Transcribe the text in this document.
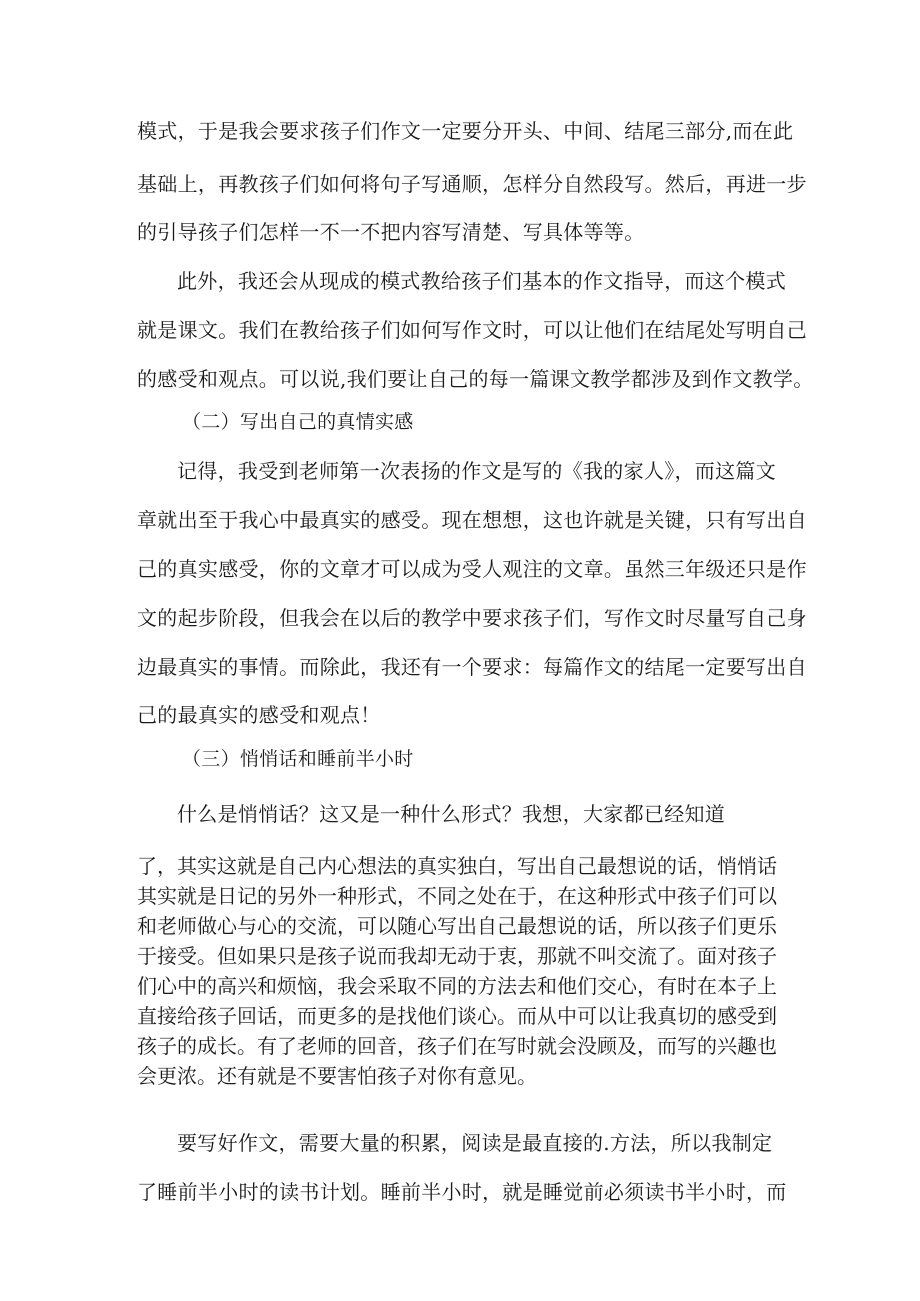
模式，于是我会要求孩子们作文一定要分开头、中间、结尾三部分,而在此
基础上，再教孩子们如何将句子写通顺，怎样分自然段写。然后，再进一步
的引导孩子们怎样一不一不把内容写清楚、写具体等等。
此外，我还会从现成的模式教给孩子们基本的作文指导，而这个模式
就是课文。我们在教给孩子们如何写作文时，可以让他们在结尾处写明自己
的感受和观点。可以说,我们要让自己的每一篇课文教学都涉及到作文教学。
（二）写出自己的真情实感
记得，我受到老师第一次表扬的作文是写的《我的家人》，而这篇文
章就出至于我心中最真实的感受。现在想想，这也许就是关键，只有写出自
己的真实感受，你的文章才可以成为受人观注的文章。虽然三年级还只是作
文的起步阶段，但我会在以后的教学中要求孩子们，写作文时尽量写自己身
边最真实的事情。而除此，我还有一个要求：每篇作文的结尾一定要写出自
己的最真实的感受和观点！
（三）悄悄话和睡前半小时
什么是悄悄话？这又是一种什么形式？我想，大家都已经知道
了，其实这就是自己内心想法的真实独白，写出自己最想说的话，悄悄话
其实就是日记的另外一种形式，不同之处在于，在这种形式中孩子们可以
和老师做心与心的交流，可以随心写出自己最想说的话，所以孩子们更乐
于接受。但如果只是孩子说而我却无动于衷，那就不叫交流了。面对孩子
们心中的高兴和烦恼，我会采取不同的方法去和他们交心，有时在本子上
直接给孩子回话，而更多的是找他们谈心。而从中可以让我真切的感受到
孩子的成长。有了老师的回音，孩子们在写时就会没顾及，而写的兴趣也
会更浓。还有就是不要害怕孩子对你有意见。
要写好作文，需要大量的积累，阅读是最直接的.方法，所以我制定
了睡前半小时的读书计划。睡前半小时，就是睡觉前必须读书半小时，而
